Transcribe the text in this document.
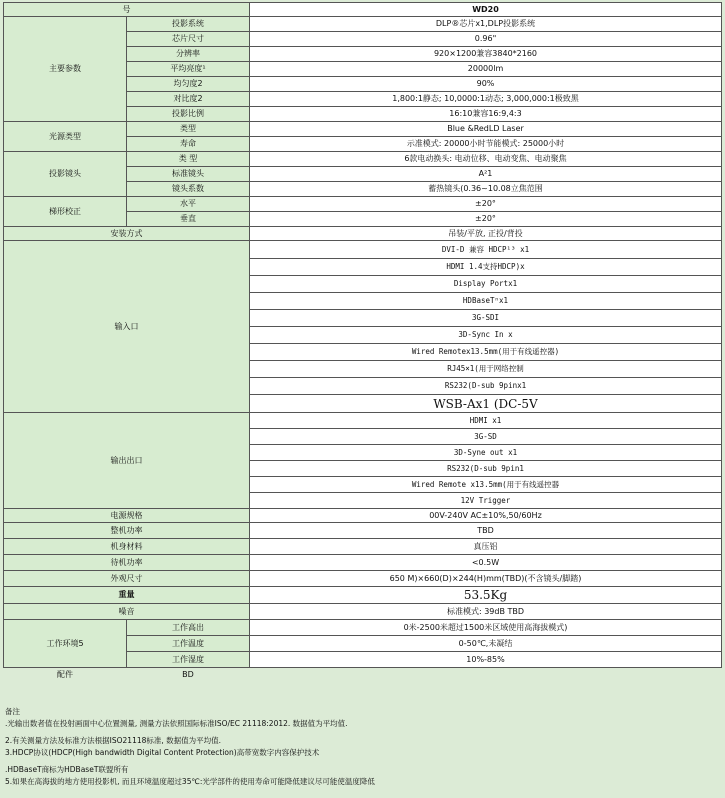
号		WD20
主要参数	投影系统	DLP®芯片x1,DLP投影系统
	芯片尺寸	0.96"
	分辨率	920×1200兼容3840*2160
	平均亮度¹	20000lm
	均匀度2	90%
	对比度2	1,800:1静态; 10,0000:1动态; 3,000,000:1极致黑
	投影比例	16:10兼容16:9,4:3
光源类型	类型	Blue &RedLD Laser
	寿命	示准模式: 20000小时节能模式: 25000小时
投影镜头	类 型	6款电动换头: 电动位移、电动变焦、电动聚焦
	标准镜头	A²1
	镜头系数	蓄热镜头(0.36~10.08立焦范围
梯形校正	水平	±20°
	垂直	±20°
安装方式		吊装/平放, 正投/背投
输入口		DVI-D 兼容 HDCP¹³ x1
		HDMI 1.4支持HDCP)x
		Display Portx1
		HDBaseTⁿx1
		3G-SDI
		3D-Sync In x
		Wired Remotex13.5mm(用于有线遥控器)
		RJ45×1(用于网络控制
		RS232(D-sub 9pinx1
		WSB-Ax1 (DC-5V
输出出口		HDMI x1
		3G-SD
		3D-Syne out x1
		RS232(D-sub 9pin1
		Wired Remote x13.5mm(用于有线遥控器
		12V Trigger
电源规格		00V-240V AC±10%,50/60Hz
整机功率		TBD
机身材料		真压铝
待机功率		<0.5W
外观尺寸		650 M)×660(D)×244(H)mm(TBD)(不含镜头/脚踏)
重量		53.5Kg
噪音		标准模式: 39dB TBD
工作环境5	工作高出	0米-2500米超过1500米区域使用高海拔模式)
	工作温度	0-50℃,未凝结
	工作湿度	10%-85%
配件	BD	
备注
.光输出数者值在投射画面中心位置测量, 测量方法依照国际标准ISO/EC 21118:2012. 数据值为平均值.
2.有关测量方法及标准方法根据ISO21118标准, 数据值为平均值.
3.HDCP协议(HDCP(High bandwidth Digital Content Protection)高带宽数字内容保护技术
.HDBaseT商标为HDBaseT联盟所有
5.如果在高海拔的地方使用投影机, 而且环境温度超过35℃:光学部件的使用寿命可能降低建议尽可能使温度降低
